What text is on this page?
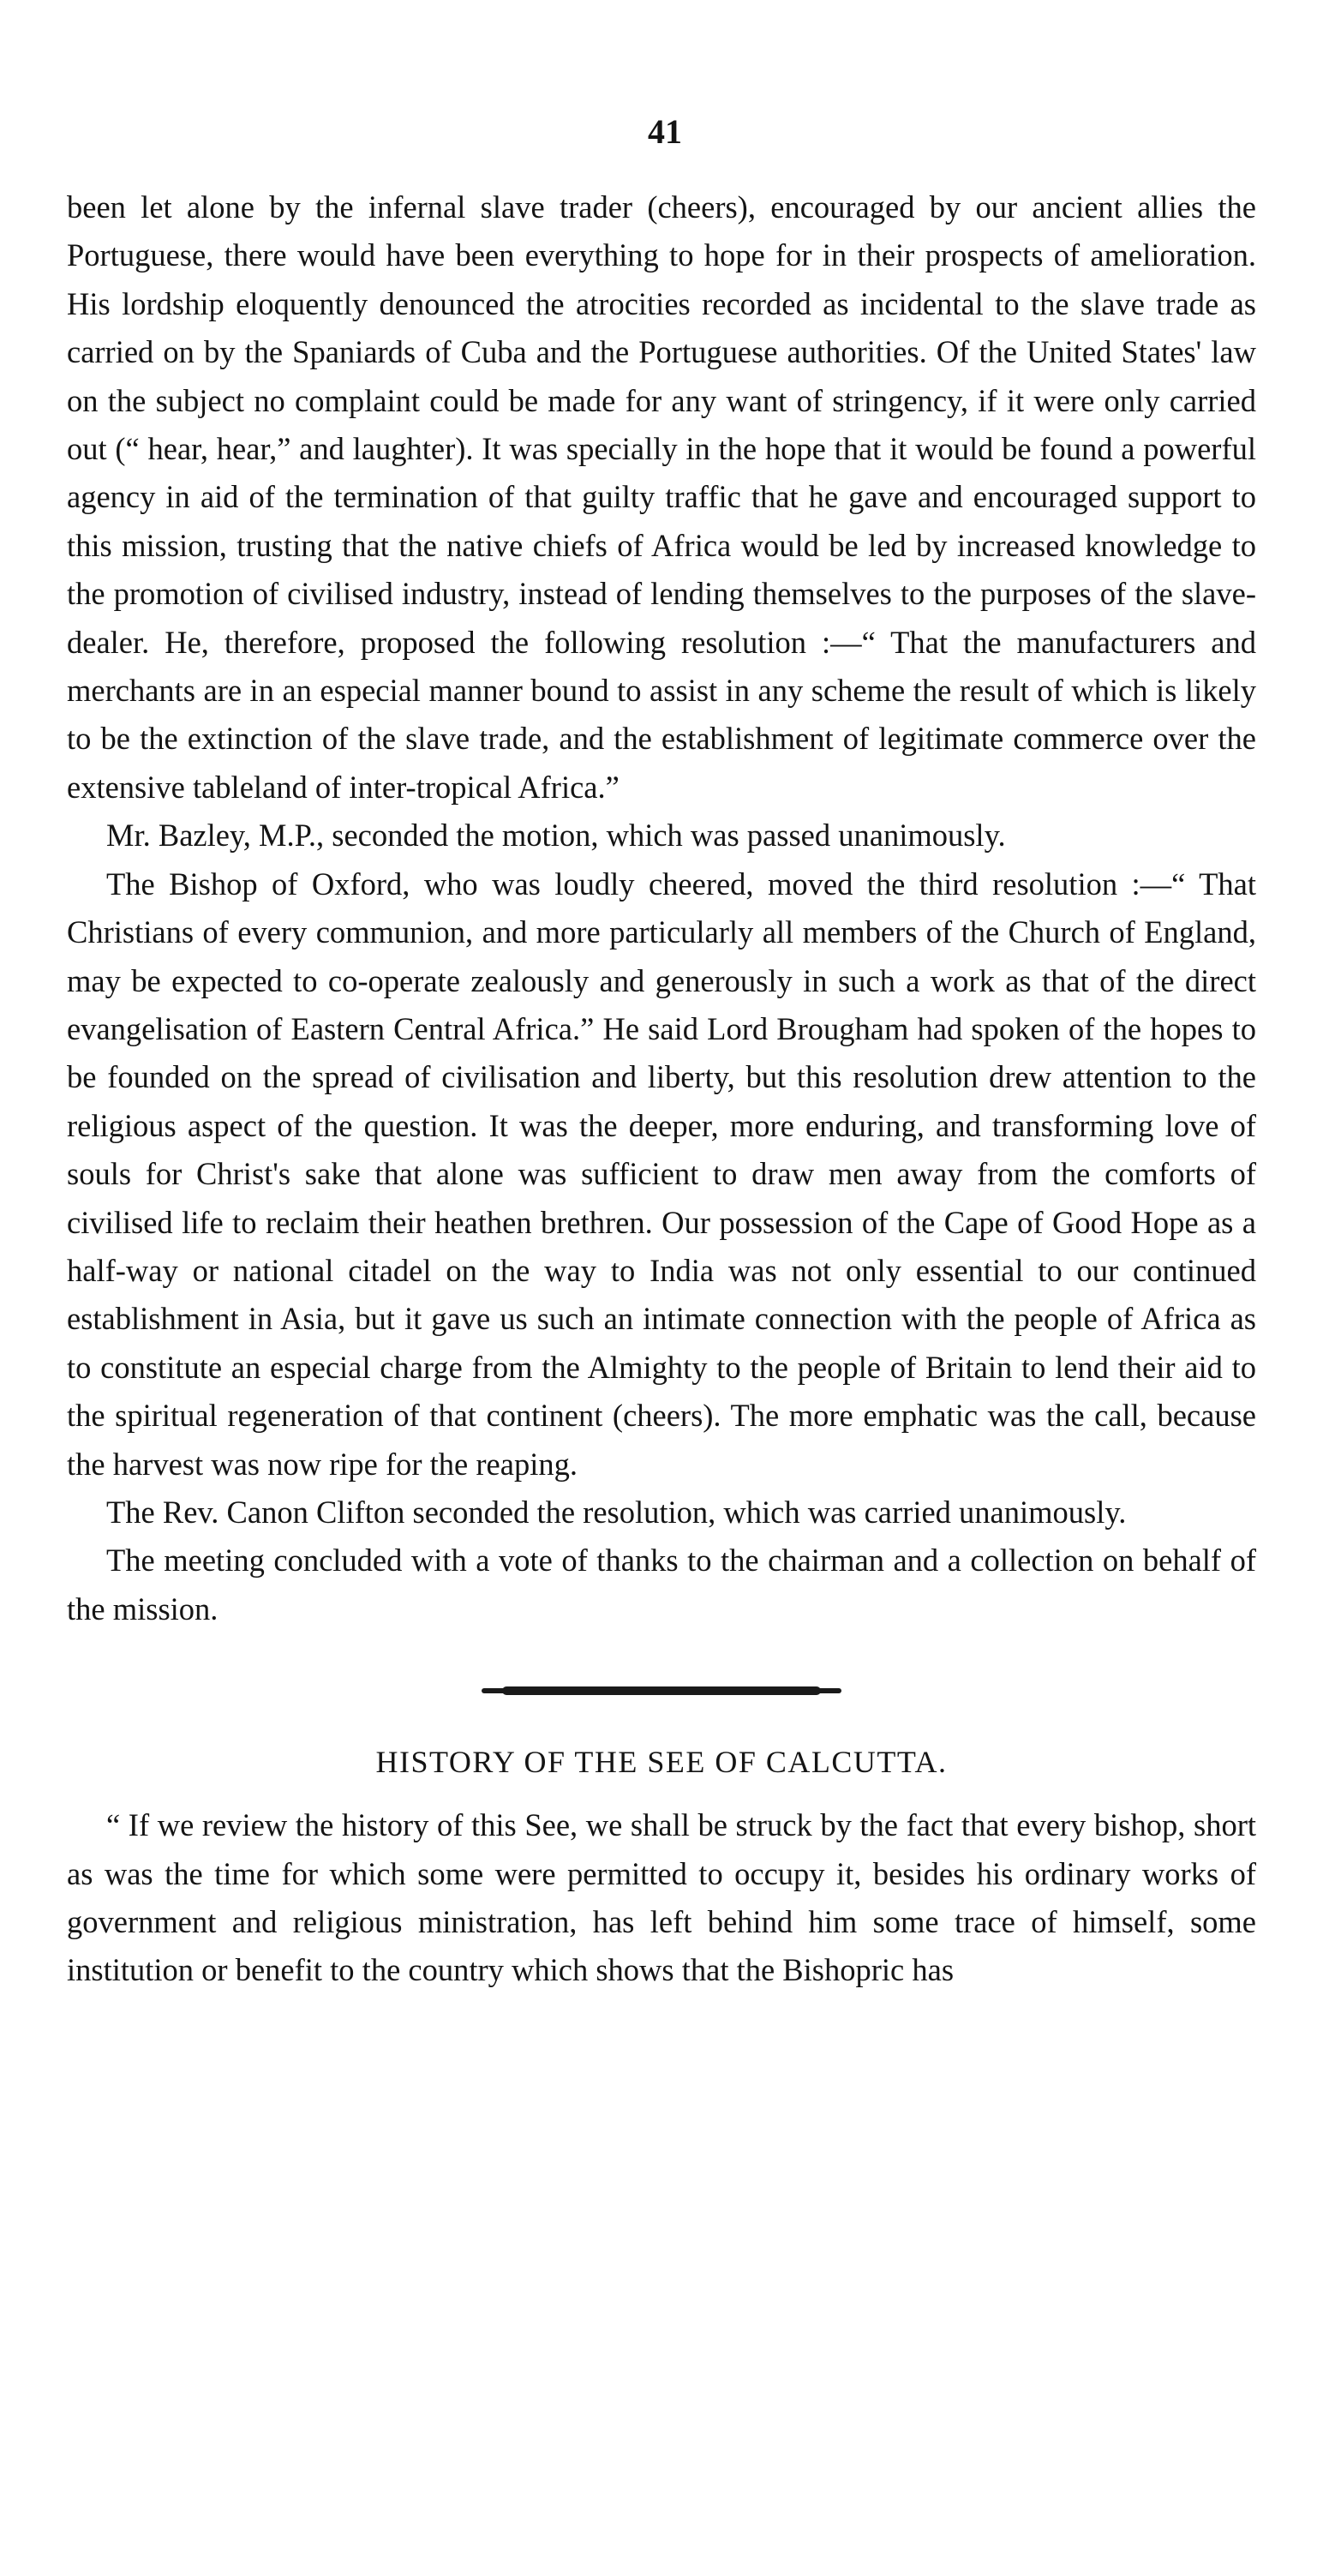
41

been let alone by the infernal slave trader (cheers), encouraged by our ancient allies the Portuguese, there would have been everything to hope for in their prospects of amelioration. His lordship eloquently denounced the atrocities recorded as incidental to the slave trade as carried on by the Spaniards of Cuba and the Portuguese authorities. Of the United States' law on the subject no complaint could be made for any want of stringency, if it were only carried out (“ hear, hear,” and laughter). It was specially in the hope that it would be found a powerful agency in aid of the termination of that guilty traffic that he gave and encouraged support to this mission, trusting that the native chiefs of Africa would be led by increased knowledge to the promotion of civilised industry, instead of lending themselves to the purposes of the slave-dealer. He, therefore, proposed the following resolution :—“ That the manufacturers and merchants are in an especial manner bound to assist in any scheme the result of which is likely to be the extinction of the slave trade, and the establishment of legitimate commerce over the extensive tableland of inter-tropical Africa.”

Mr. Bazley, M.P., seconded the motion, which was passed unanimously.

The Bishop of Oxford, who was loudly cheered, moved the third resolution :—“ That Christians of every communion, and more particularly all members of the Church of England, may be expected to co-operate zealously and generously in such a work as that of the direct evangelisation of Eastern Central Africa.” He said Lord Brougham had spoken of the hopes to be founded on the spread of civilisation and liberty, but this resolution drew attention to the religious aspect of the question. It was the deeper, more enduring, and transforming love of souls for Christ's sake that alone was sufficient to draw men away from the comforts of civilised life to reclaim their heathen brethren. Our possession of the Cape of Good Hope as a half-way or national citadel on the way to India was not only essential to our continued establishment in Asia, but it gave us such an intimate connection with the people of Africa as to constitute an especial charge from the Almighty to the people of Britain to lend their aid to the spiritual regeneration of that continent (cheers). The more emphatic was the call, because the harvest was now ripe for the reaping.

The Rev. Canon Clifton seconded the resolution, which was carried unanimously.

The meeting concluded with a vote of thanks to the chairman and a collection on behalf of the mission.

HISTORY OF THE SEE OF CALCUTTA.

“ If we review the history of this See, we shall be struck by the fact that every bishop, short as was the time for which some were permitted to occupy it, besides his ordinary works of government and religious ministration, has left behind him some trace of himself, some institution or benefit to the country which shows that the Bishopric has
